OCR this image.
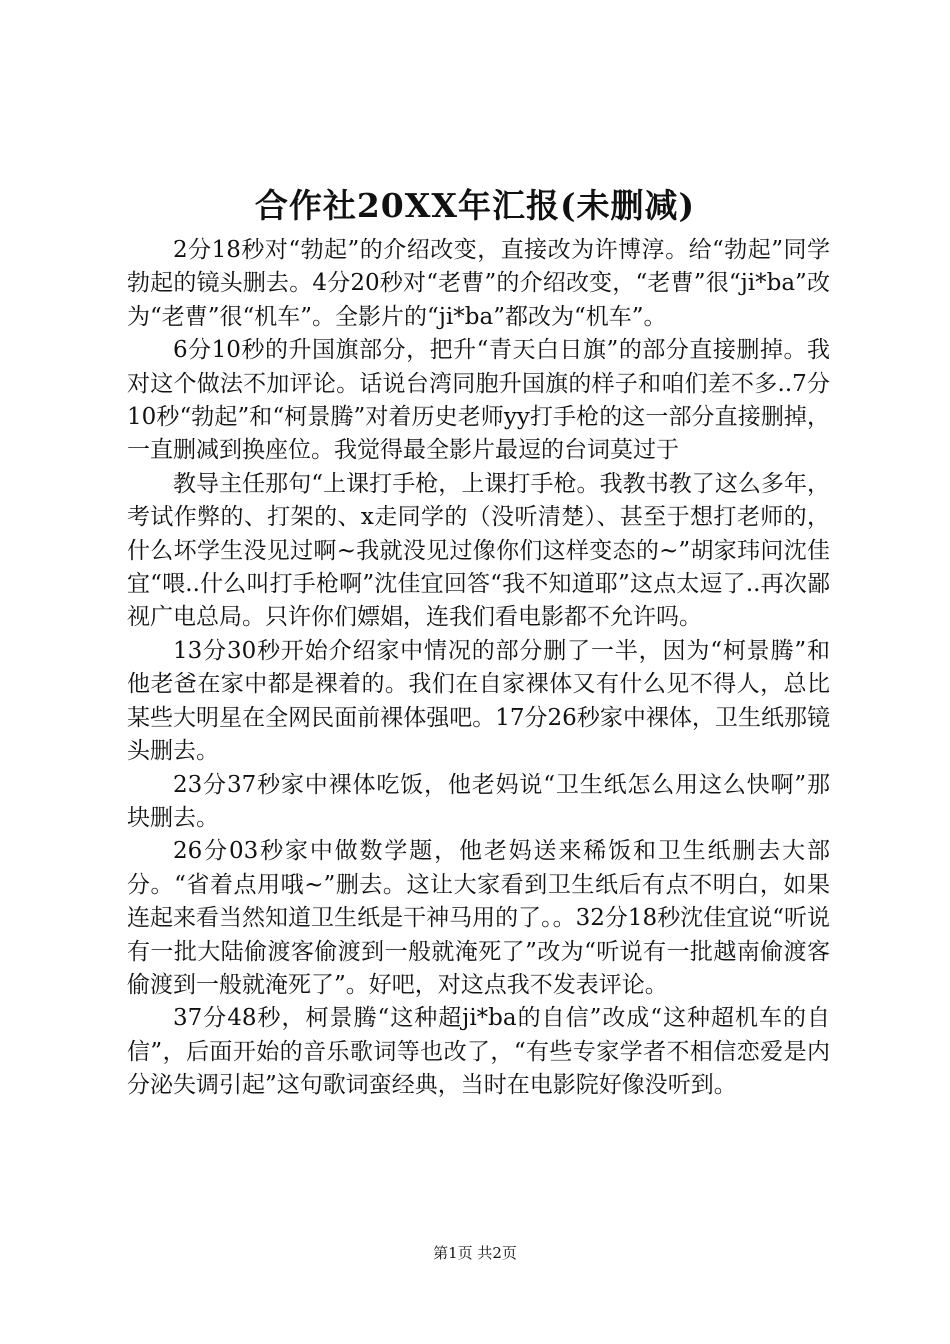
合作社20XX年汇报(未删减)

2分18秒对“勃起”的介绍改变，直接改为许博淳。给“勃起”同学勃起的镜头删去。4分20秒对“老曹”的介绍改变，“老曹”很“ji*ba”改为“老曹”很“机车”。全影片的“ji*ba”都改为“机车”。

6分10秒的升国旗部分，把升“青天白日旗”的部分直接删掉。我对这个做法不加评论。话说台湾同胞升国旗的样子和咱们差不多..7分10秒“勃起”和“柯景腾”对着历史老师yy打手枪的这一部分直接删掉，一直删减到换座位。我觉得最全影片最逗的台词莫过于

教导主任那句“上课打手枪，上课打手枪。我教书教了这么多年，考试作弊的、打架的、x走同学的（没听清楚）、甚至于想打老师的，什么坏学生没见过啊~我就没见过像你们这样变态的~”胡家玮问沈佳宜“喂..什么叫打手枪啊”沈佳宜回答“我不知道耶”这点太逗了..再次鄙视广电总局。只许你们嫖娼，连我们看电影都不允许吗。

13分30秒开始介绍家中情况的部分删了一半，因为“柯景腾”和他老爸在家中都是裸着的。我们在自家裸体又有什么见不得人，总比某些大明星在全网民面前裸体强吧。17分26秒家中裸体，卫生纸那镜头删去。

23分37秒家中裸体吃饭，他老妈说“卫生纸怎么用这么快啊”那块删去。

26分03秒家中做数学题，他老妈送来稀饭和卫生纸删去大部分。“省着点用哦~”删去。这让大家看到卫生纸后有点不明白，如果连起来看当然知道卫生纸是干神马用的了。。32分18秒沈佳宜说“听说有一批大陆偷渡客偷渡到一般就淹死了”改为“听说有一批越南偷渡客偷渡到一般就淹死了”。好吧，对这点我不发表评论。

37分48秒，柯景腾“这种超ji*ba的自信”改成“这种超机车的自信”，后面开始的音乐歌词等也改了，“有些专家学者不相信恋爱是内分泌失调引起”这句歌词蛮经典，当时在电影院好像没听到。

第1页 共2页
